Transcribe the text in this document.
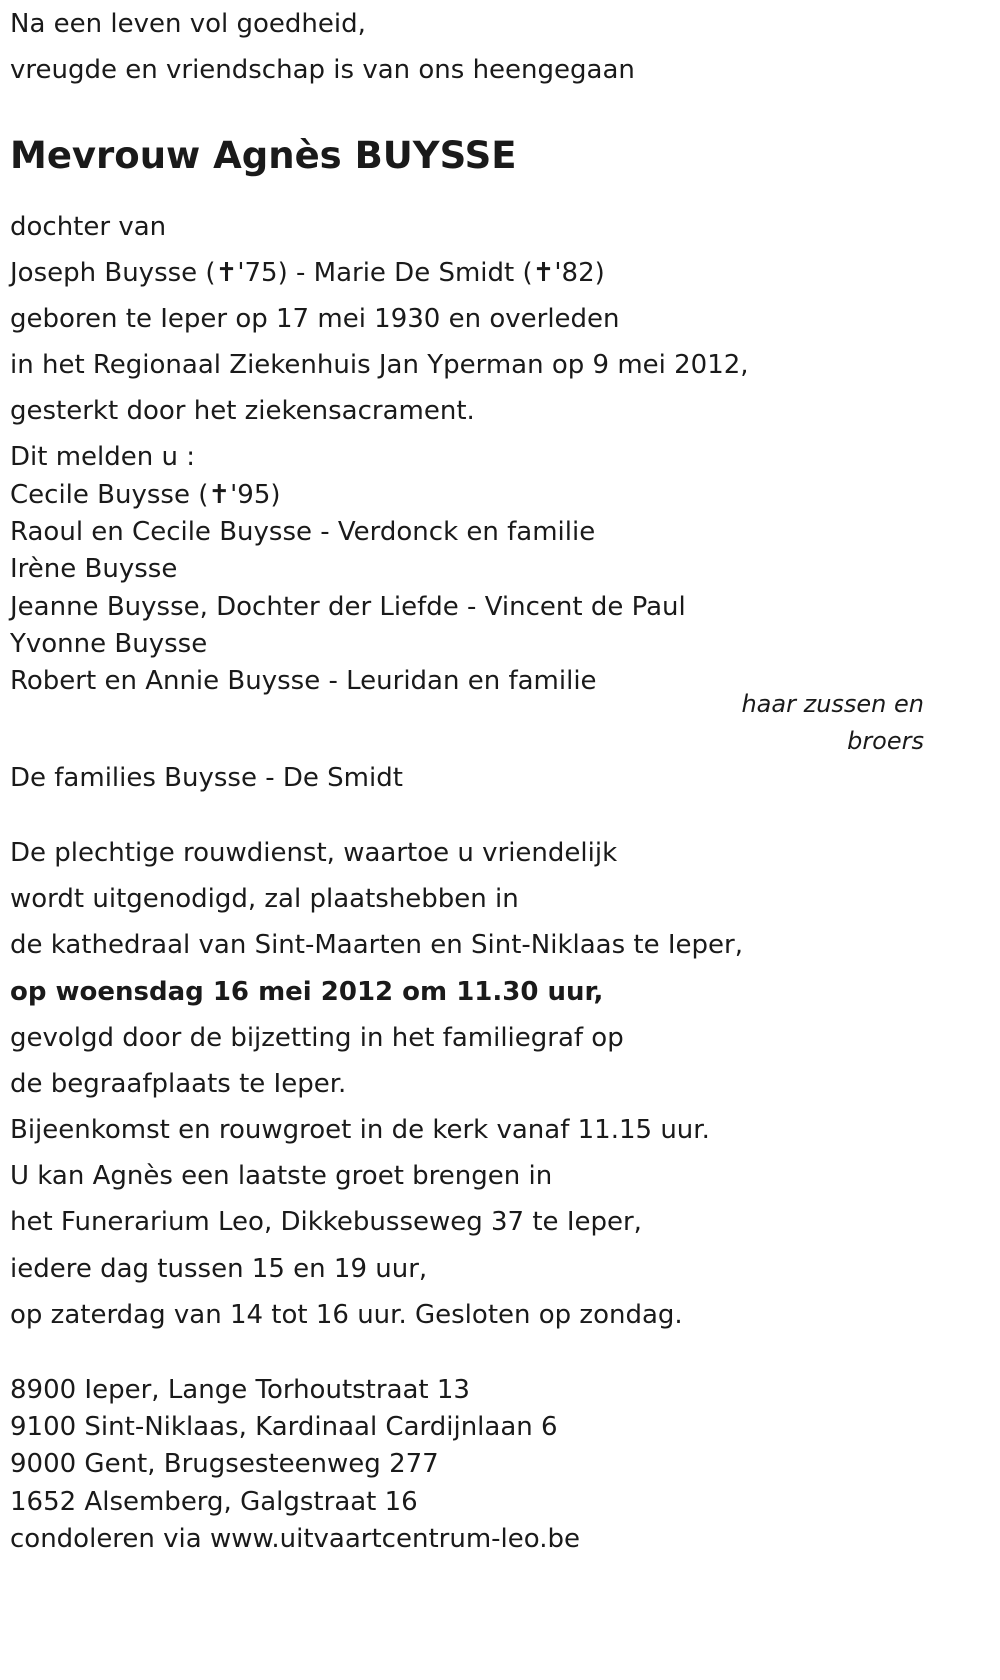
Na een leven vol goedheid,
vreugde en vriendschap is van ons heengegaan
Mevrouw Agnès BUYSSE
dochter van
Joseph Buysse (✝'75) - Marie De Smidt (✝'82)
geboren te Ieper op 17 mei 1930 en overleden
in het Regionaal Ziekenhuis Jan Yperman op 9 mei 2012,
gesterkt door het ziekensacrament.
Dit melden u :
Cecile Buysse (✝'95)
Raoul en Cecile Buysse - Verdonck en familie
Irène Buysse
Jeanne Buysse, Dochter der Liefde - Vincent de Paul
Yvonne Buysse
Robert en Annie Buysse - Leuridan en familie
haar zussen en
broers
De families Buysse - De Smidt
De plechtige rouwdienst, waartoe u vriendelijk
wordt uitgenodigd, zal plaatshebben in
de kathedraal van Sint-Maarten en Sint-Niklaas te Ieper,
op woensdag 16 mei 2012 om 11.30 uur,
gevolgd door de bijzetting in het familiegraf op
de begraafplaats te Ieper.
Bijeenkomst en rouwgroet in de kerk vanaf 11.15 uur.
U kan Agnès een laatste groet brengen in
het Funerarium Leo, Dikkebusseweg 37 te Ieper,
iedere dag tussen 15 en 19 uur,
op zaterdag van 14 tot 16 uur. Gesloten op zondag.
8900 Ieper, Lange Torhoutstraat 13
9100 Sint-Niklaas, Kardinaal Cardijnlaan 6
9000 Gent, Brugsesteenweg 277
1652 Alsemberg, Galgstraat 16
condoleren via www.uitvaartcentrum-leo.be
